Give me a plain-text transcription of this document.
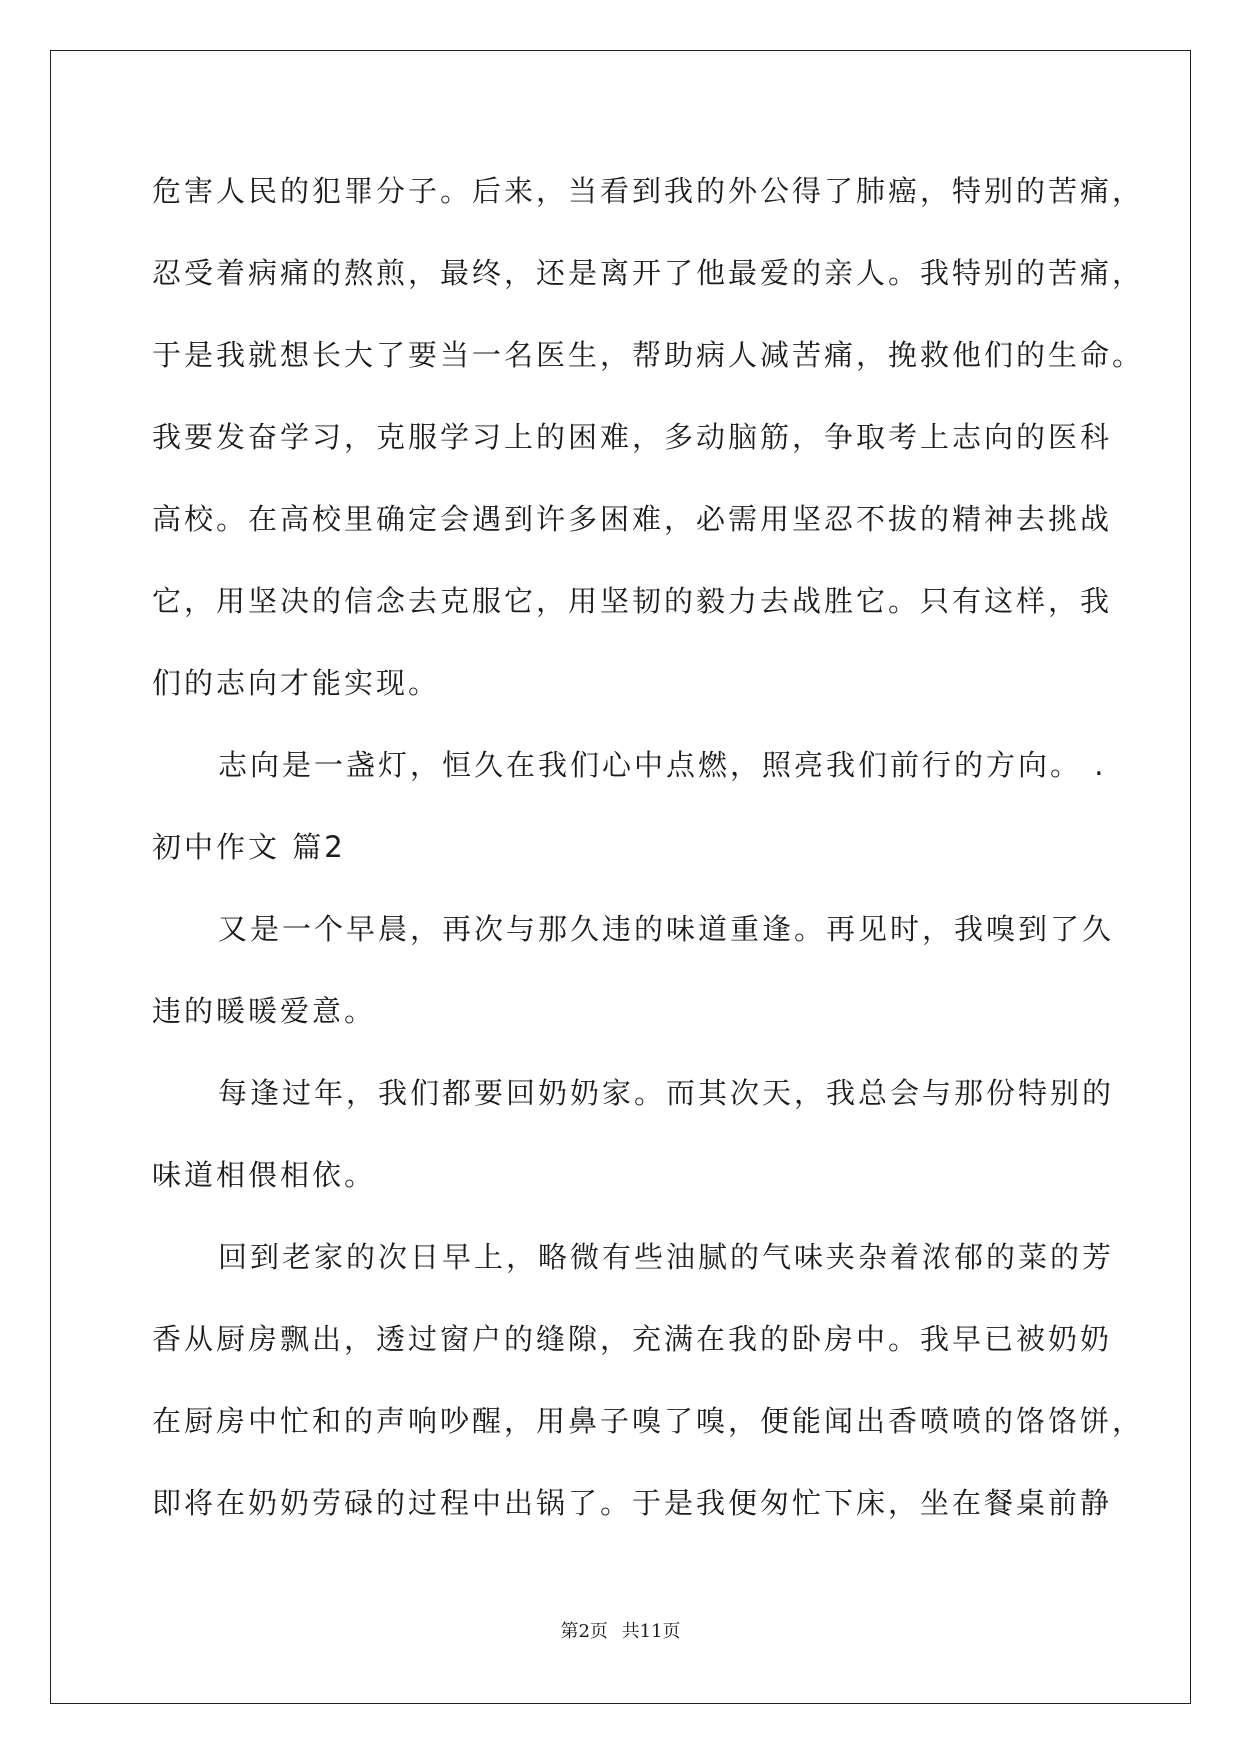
危害人民的犯罪分子。后来，当看到我的外公得了肺癌，特别的苦痛，

忍受着病痛的熬煎，最终，还是离开了他最爱的亲人。我特别的苦痛，

于是我就想长大了要当一名医生，帮助病人减苦痛，挽救他们的生命。

我要发奋学习，克服学习上的困难，多动脑筋，争取考上志向的医科

高校。在高校里确定会遇到许多困难，必需用坚忍不拔的精神去挑战

它，用坚决的信念去克服它，用坚韧的毅力去战胜它。只有这样，我

们的志向才能实现。

志向是一盏灯，恒久在我们心中点燃，照亮我们前行的方向。 .

初中作文 篇2

又是一个早晨，再次与那久违的味道重逢。再见时，我嗅到了久

违的暖暖爱意。

每逢过年，我们都要回奶奶家。而其次天，我总会与那份特别的

味道相偎相依。

回到老家的次日早上，略微有些油腻的气味夹杂着浓郁的菜的芳

香从厨房飘出，透过窗户的缝隙，充满在我的卧房中。我早已被奶奶

在厨房中忙和的声响吵醒，用鼻子嗅了嗅，便能闻出香喷喷的饹饹饼，

即将在奶奶劳碌的过程中出锅了。于是我便匆忙下床，坐在餐桌前静

第2页 共11页
